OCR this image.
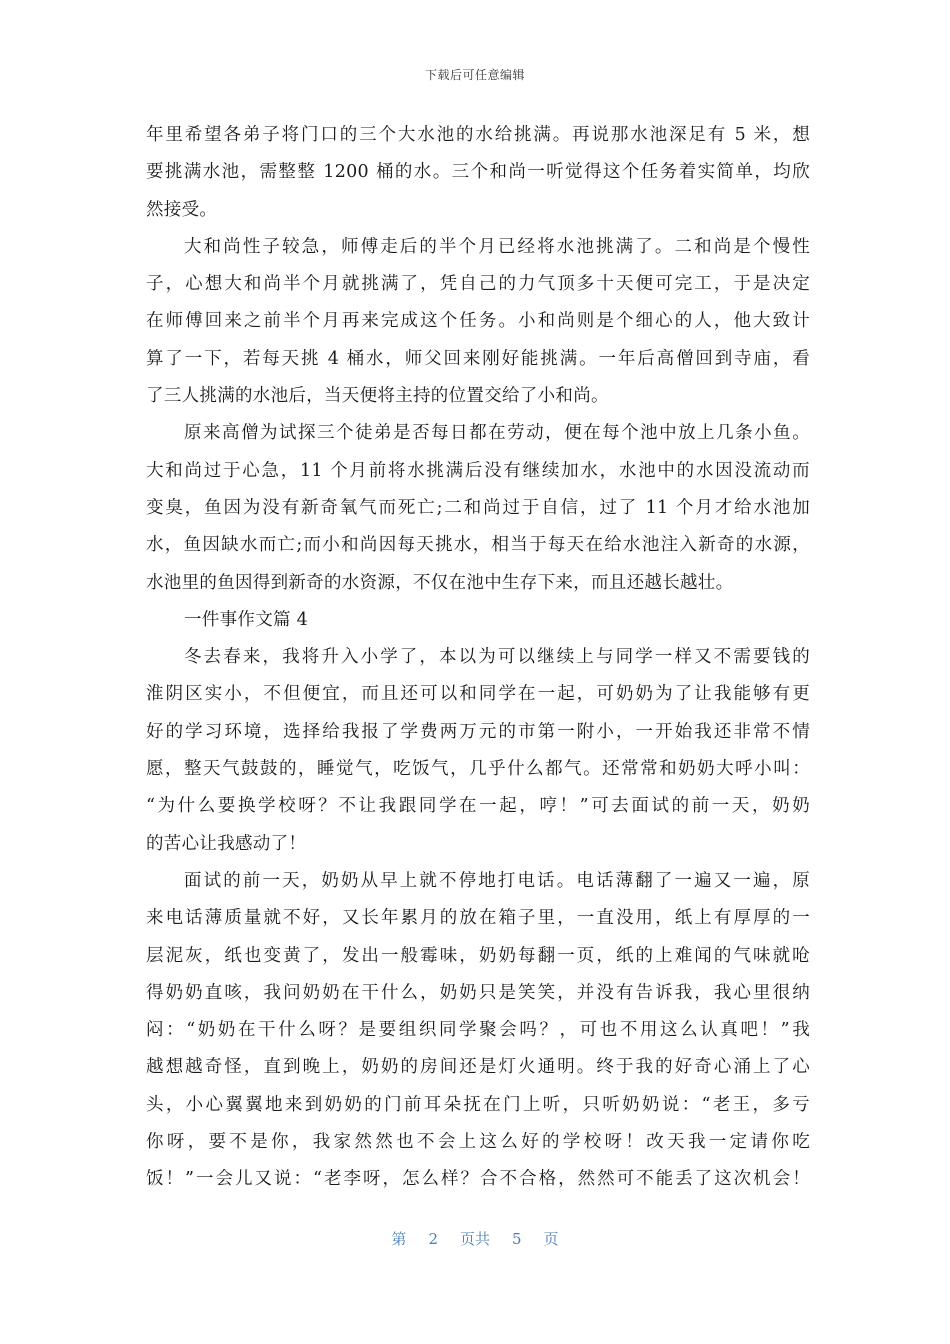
下载后可任意编辑
年里希望各弟子将门口的三个大水池的水给挑满。再说那水池深足有 5 米，想
要挑满水池，需整整 1200 桶的水。三个和尚一听觉得这个任务着实简单，均欣
然接受。
大和尚性子较急，师傅走后的半个月已经将水池挑满了。二和尚是个慢性
子，心想大和尚半个月就挑满了，凭自己的力气顶多十天便可完工，于是决定
在师傅回来之前半个月再来完成这个任务。小和尚则是个细心的人，他大致计
算了一下，若每天挑 4 桶水，师父回来刚好能挑满。一年后高僧回到寺庙，看
了三人挑满的水池后，当天便将主持的位置交给了小和尚。
原来高僧为试探三个徒弟是否每日都在劳动，便在每个池中放上几条小鱼。
大和尚过于心急，11 个月前将水挑满后没有继续加水，水池中的水因没流动而
变臭，鱼因为没有新奇氧气而死亡;二和尚过于自信，过了 11 个月才给水池加
水，鱼因缺水而亡;而小和尚因每天挑水，相当于每天在给水池注入新奇的水源，
水池里的鱼因得到新奇的水资源，不仅在池中生存下来，而且还越长越壮。
一件事作文篇 4
冬去春来，我将升入小学了，本以为可以继续上与同学一样又不需要钱的
淮阴区实小，不但便宜，而且还可以和同学在一起，可奶奶为了让我能够有更
好的学习环境，选择给我报了学费两万元的市第一附小，一开始我还非常不情
愿，整天气鼓鼓的，睡觉气，吃饭气，几乎什么都气。还常常和奶奶大呼小叫：
“为什么要换学校呀？不让我跟同学在一起，哼！”可去面试的前一天，奶奶
的苦心让我感动了！
面试的前一天，奶奶从早上就不停地打电话。电话薄翻了一遍又一遍，原
来电话薄质量就不好，又长年累月的放在箱子里，一直没用，纸上有厚厚的一
层泥灰，纸也变黄了，发出一般霉味，奶奶每翻一页，纸的上难闻的气味就呛
得奶奶直咳，我问奶奶在干什么，奶奶只是笑笑，并没有告诉我，我心里很纳
闷：“奶奶在干什么呀？是要组织同学聚会吗？，可也不用这么认真吧！”我
越想越奇怪，直到晚上，奶奶的房间还是灯火通明。终于我的好奇心涌上了心
头，小心翼翼地来到奶奶的门前耳朵抚在门上听，只听奶奶说：“老王，多亏
你呀，要不是你，我家然然也不会上这么好的学校呀！改天我一定请你吃
饭！”一会儿又说：“老李呀，怎么样？合不合格，然然可不能丢了这次机会！
第 2 页共 5 页
